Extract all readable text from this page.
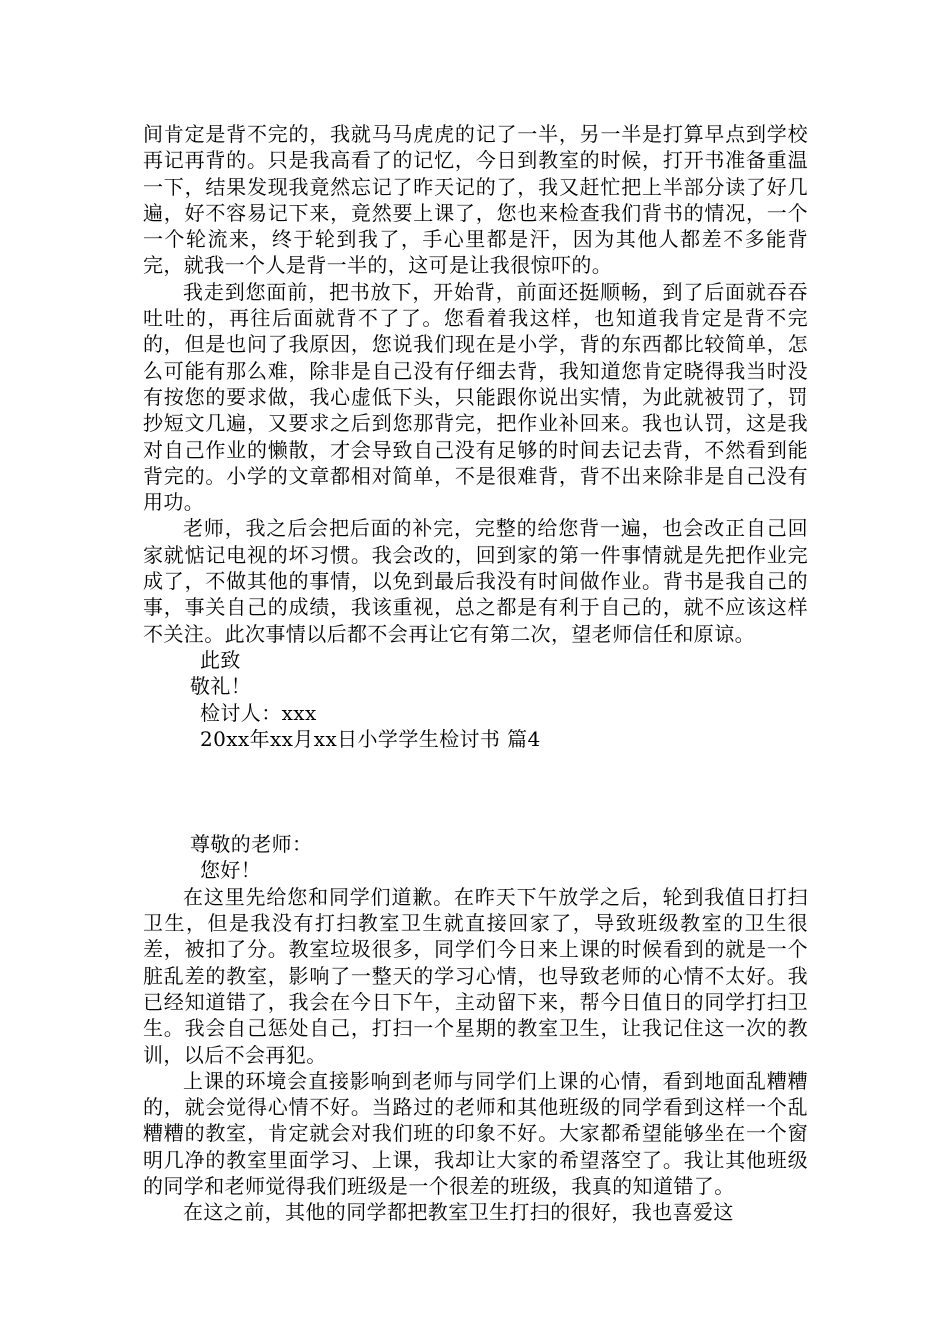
间肯定是背不完的，我就马马虎虎的记了一半，另一半是打算早点到学校再记再背的。只是我高看了的记忆，今日到教室的时候，打开书准备重温一下，结果发现我竟然忘记了昨天记的了，我又赶忙把上半部分读了好几遍，好不容易记下来，竟然要上课了，您也来检查我们背书的情况，一个一个轮流来，终于轮到我了，手心里都是汗，因为其他人都差不多能背完，就我一个人是背一半的，这可是让我很惊吓的。

我走到您面前，把书放下，开始背，前面还挺顺畅，到了后面就吞吞吐吐的，再往后面就背不了了。您看着我这样，也知道我肯定是背不完的，但是也问了我原因，您说我们现在是小学，背的东西都比较简单，怎么可能有那么难，除非是自己没有仔细去背，我知道您肯定晓得我当时没有按您的要求做，我心虚低下头，只能跟你说出实情，为此就被罚了，罚抄短文几遍，又要求之后到您那背完，把作业补回来。我也认罚，这是我对自己作业的懒散，才会导致自己没有足够的时间去记去背，不然看到能背完的。小学的文章都相对简单，不是很难背，背不出来除非是自己没有用功。

老师，我之后会把后面的补完，完整的给您背一遍，也会改正自己回家就惦记电视的坏习惯。我会改的，回到家的第一件事情就是先把作业完成了，不做其他的事情，以免到最后我没有时间做作业。背书是我自己的事，事关自己的成绩，我该重视，总之都是有利于自己的，就不应该这样不关注。此次事情以后都不会再让它有第二次，望老师信任和原谅。

此致

敬礼！

检讨人：xxx

20xx年xx月xx日小学学生检讨书 篇4

尊敬的老师：

您好！

在这里先给您和同学们道歉。在昨天下午放学之后，轮到我值日打扫卫生，但是我没有打扫教室卫生就直接回家了，导致班级教室的卫生很差，被扣了分。教室垃圾很多，同学们今日来上课的时候看到的就是一个脏乱差的教室，影响了一整天的学习心情，也导致老师的心情不太好。我已经知道错了，我会在今日下午，主动留下来，帮今日值日的同学打扫卫生。我会自己惩处自己，打扫一个星期的教室卫生，让我记住这一次的教训，以后不会再犯。

上课的环境会直接影响到老师与同学们上课的心情，看到地面乱糟糟的，就会觉得心情不好。当路过的老师和其他班级的同学看到这样一个乱糟糟的教室，肯定就会对我们班的印象不好。大家都希望能够坐在一个窗明几净的教室里面学习、上课，我却让大家的希望落空了。我让其他班级的同学和老师觉得我们班级是一个很差的班级，我真的知道错了。

在这之前，其他的同学都把教室卫生打扫的很好，我也喜爱这
